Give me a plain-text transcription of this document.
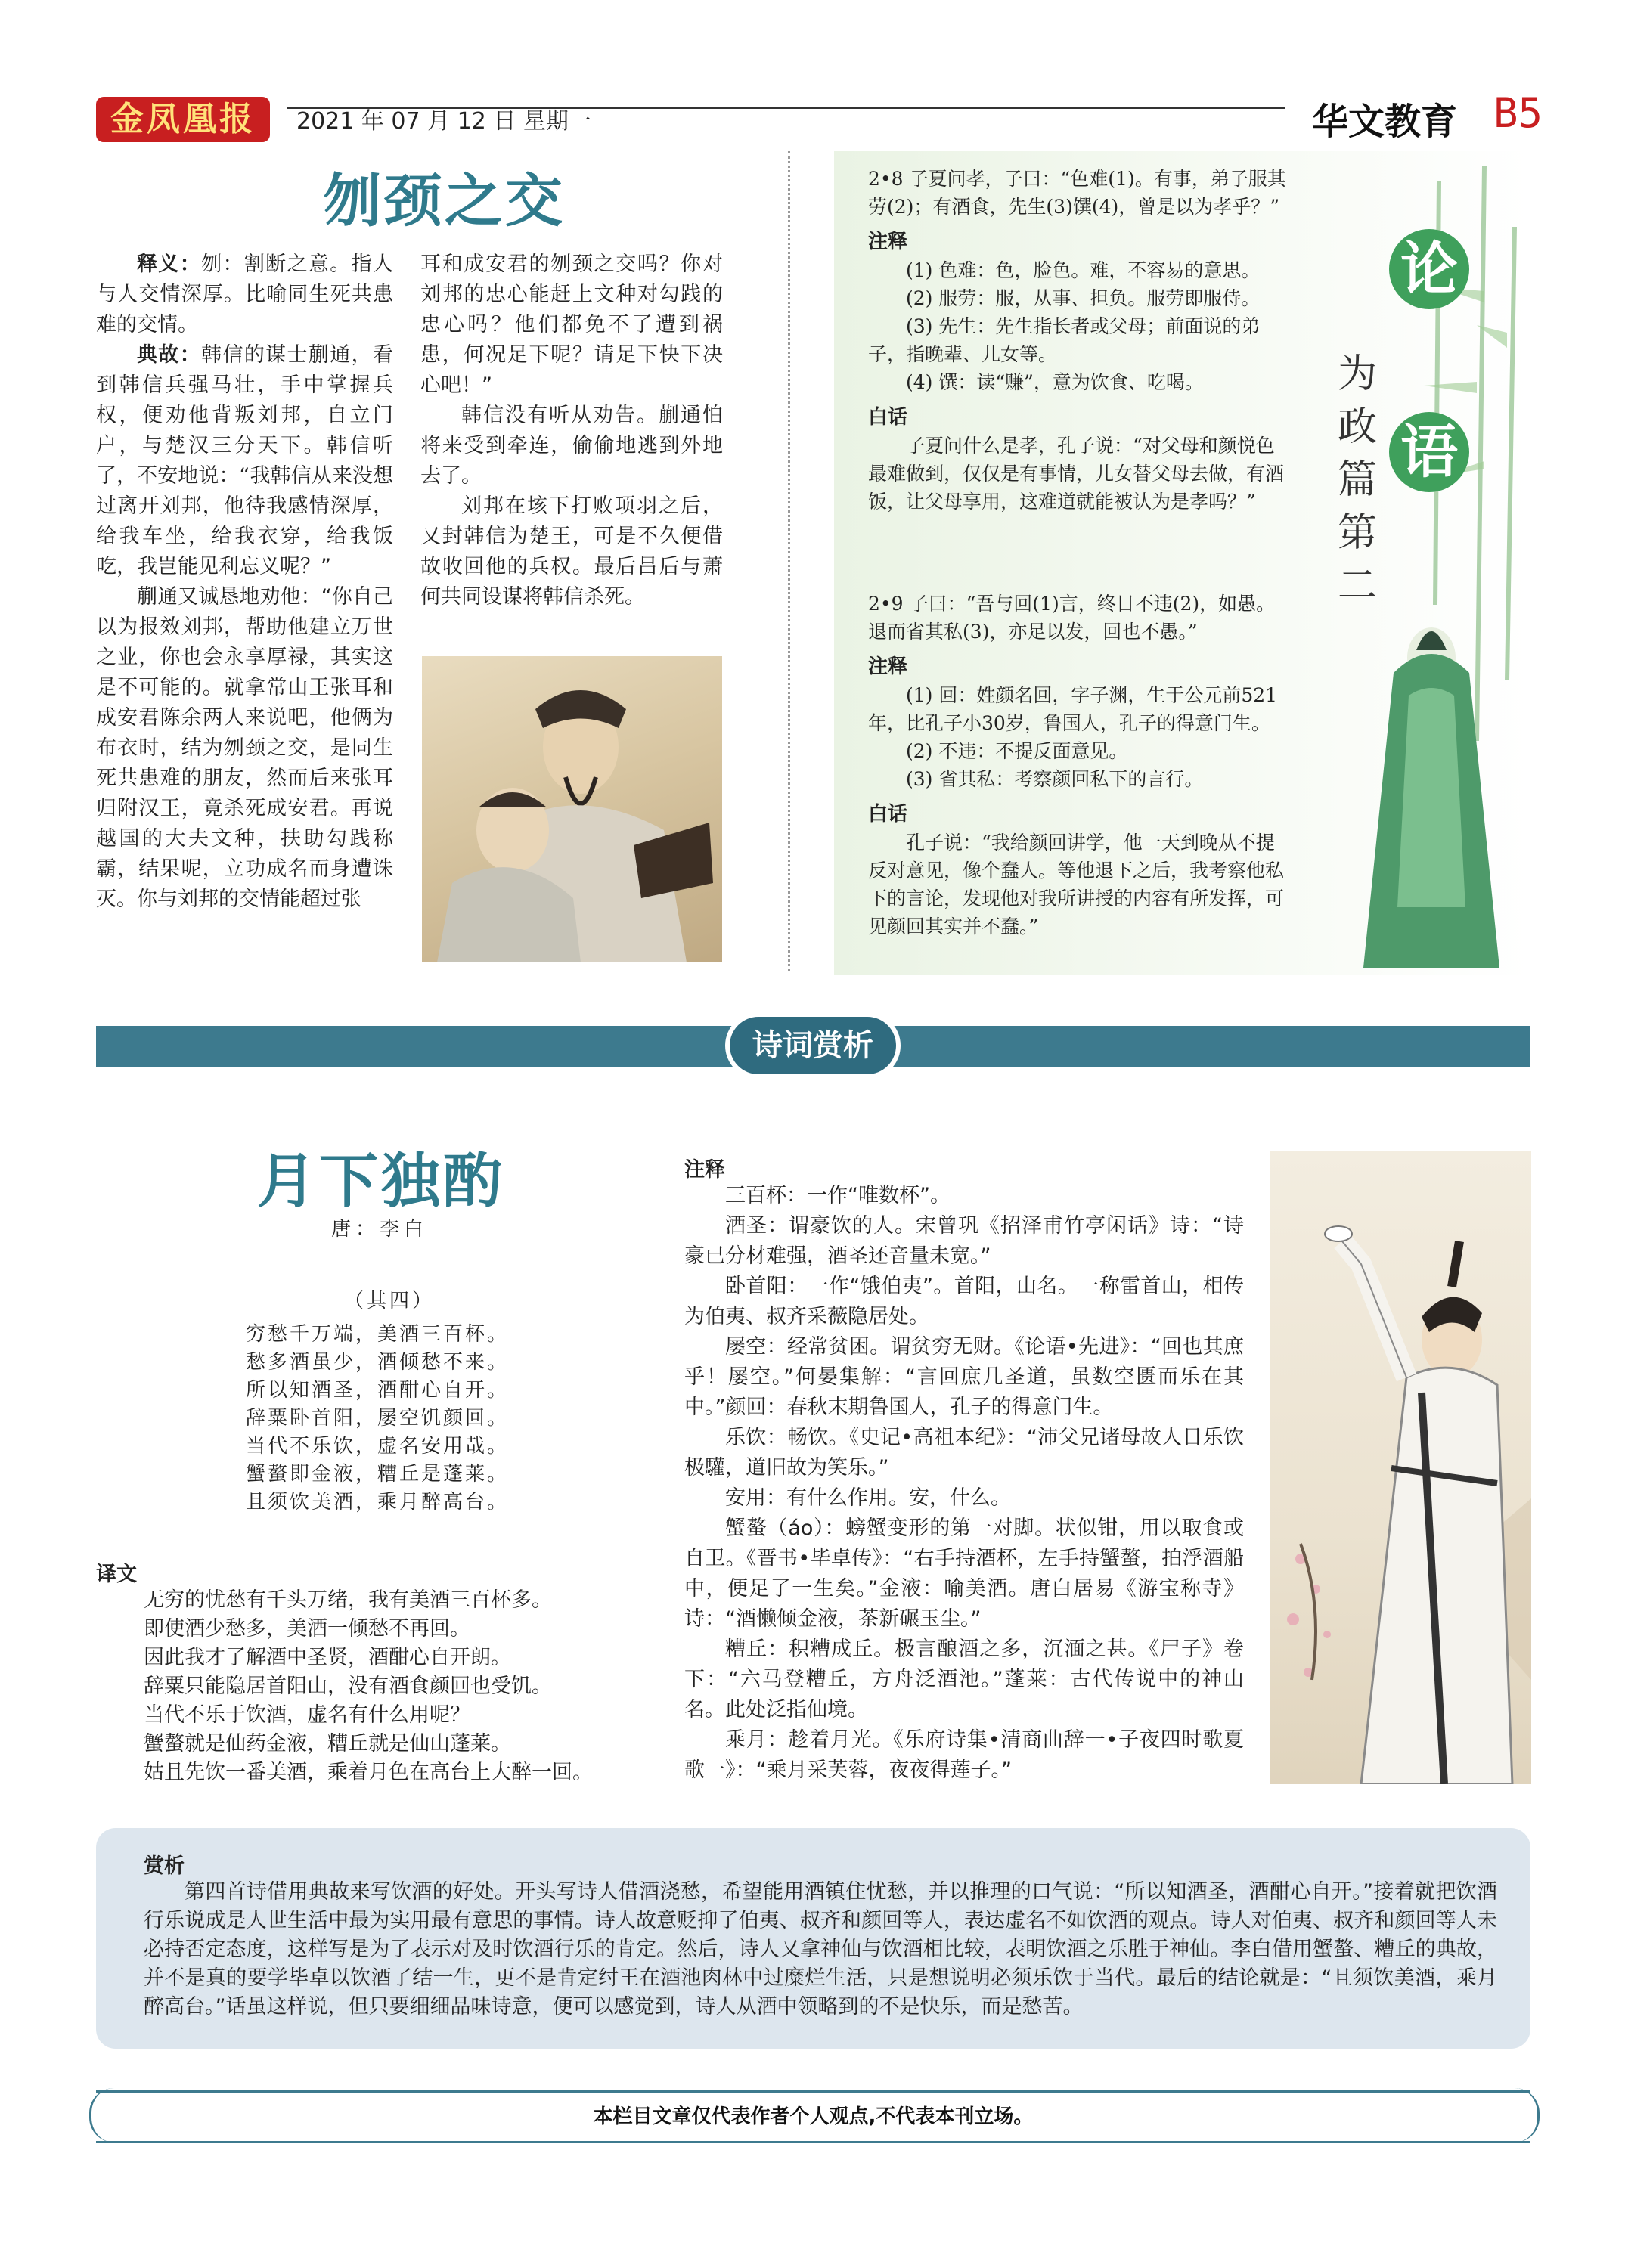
金凤凰报	2021 年 07 月 12 日 星期一	华文教育 B5
刎颈之交

释义：刎：割断之意。指人与人交情深厚。比喻同生死共患难的交情。

典故：韩信的谋士蒯通，看到韩信兵强马壮，手中掌握兵权，便劝他背叛刘邦，自立门户，与楚汉三分天下。韩信听了，不安地说：“我韩信从来没想过离开刘邦，他待我感情深厚，给我车坐，给我衣穿，给我饭吃，我岂能见利忘义呢？”

蒯通又诚恳地劝他：“你自己以为报效刘邦，帮助他建立万世之业，你也会永享厚禄，其实这是不可能的。就拿常山王张耳和成安君陈余两人来说吧，他俩为布衣时，结为刎颈之交，是同生死共患难的朋友，然而后来张耳归附汉王，竟杀死成安君。再说越国的大夫文种，扶助勾践称霸，结果呢，立功成名而身遭诛灭。你与刘邦的交情能超过张

耳和成安君的刎颈之交吗？你对刘邦的忠心能赶上文种对勾践的忠心吗？他们都免不了遭到祸患，何况足下呢？请足下快下决心吧！”

韩信没有听从劝告。蒯通怕将来受到牵连，偷偷地逃到外地去了。

刘邦在垓下打败项羽之后，又封韩信为楚王，可是不久便借故收回他的兵权。最后吕后与萧何共同设谋将韩信杀死。

论
语
为
政
篇
第
二

2•8 子夏问孝，子曰：“色难(1)。有事，弟子服其劳(2)；有酒食，先生(3)馔(4)，曾是以为孝乎？”

注释

(1) 色难：色，脸色。难，不容易的意思。

(2) 服劳：服，从事、担负。服劳即服侍。

(3) 先生：先生指长者或父母；前面说的弟子，指晚辈、儿女等。

(4) 馔：读“赚”，意为饮食、吃喝。

白话

子夏问什么是孝，孔子说：“对父母和颜悦色最难做到，仅仅是有事情，儿女替父母去做，有酒饭，让父母享用，这难道就能被认为是孝吗？”

2•9 子曰：“吾与回(1)言，终日不违(2)，如愚。退而省其私(3)，亦足以发，回也不愚。”

注释

(1) 回：姓颜名回，字子渊，生于公元前521年，比孔子小30岁，鲁国人，孔子的得意门生。

(2) 不违：不提反面意见。

(3) 省其私：考察颜回私下的言行。

白话

孔子说：“我给颜回讲学，他一天到晚从不提反对意见，像个蠢人。等他退下之后，我考察他私下的言论，发现他对我所讲授的内容有所发挥，可见颜回其实并不蠢。”

诗词赏析
月下独酌
唐：李白
（其四）

穷愁千万端，美酒三百杯。

愁多酒虽少，酒倾愁不来。

所以知酒圣，酒酣心自开。

辞粟卧首阳，屡空饥颜回。

当代不乐饮，虚名安用哉。

蟹螯即金液，糟丘是蓬莱。

且须饮美酒，乘月醉高台。

译文

无穷的忧愁有千头万绪，我有美酒三百杯多。

即使酒少愁多，美酒一倾愁不再回。

因此我才了解酒中圣贤，酒酣心自开朗。

辞粟只能隐居首阳山，没有酒食颜回也受饥。

当代不乐于饮酒，虚名有什么用呢？

蟹螯就是仙药金液，糟丘就是仙山蓬莱。

姑且先饮一番美酒，乘着月色在高台上大醉一回。

注释

三百杯：一作“唯数杯”。

酒圣：谓豪饮的人。宋曾巩《招泽甫竹亭闲话》诗：“诗豪已分材难强，酒圣还音量未宽。”

卧首阳：一作“饿伯夷”。首阳，山名。一称雷首山，相传为伯夷、叔齐采薇隐居处。

屡空：经常贫困。谓贫穷无财。《论语•先进》：“回也其庶乎！屡空。”何晏集解：“言回庶几圣道，虽数空匮而乐在其中。”颜回：春秋末期鲁国人，孔子的得意门生。

乐饮：畅饮。《史记•高祖本纪》：“沛父兄诸母故人日乐饮极驩，道旧故为笑乐。”

安用：有什么作用。安，什么。

蟹螯（áo）：螃蟹变形的第一对脚。状似钳，用以取食或自卫。《晋书•毕卓传》：“右手持酒杯，左手持蟹螯，拍浮酒船中，便足了一生矣。”金液：喻美酒。唐白居易《游宝称寺》诗：“酒懒倾金液，茶新碾玉尘。”

糟丘：积糟成丘。极言酿酒之多，沉湎之甚。《尸子》卷下：“六马登糟丘，方舟泛酒池。”蓬莱：古代传说中的神山名。此处泛指仙境。

乘月：趁着月光。《乐府诗集•清商曲辞一•子夜四时歌夏歌一》：“乘月采芙蓉，夜夜得莲子。”

赏析

第四首诗借用典故来写饮酒的好处。开头写诗人借酒浇愁，希望能用酒镇住忧愁，并以推理的口气说：“所以知酒圣，酒酣心自开。”接着就把饮酒行乐说成是人世生活中最为实用最有意思的事情。诗人故意贬抑了伯夷、叔齐和颜回等人，表达虚名不如饮酒的观点。诗人对伯夷、叔齐和颜回等人未必持否定态度，这样写是为了表示对及时饮酒行乐的肯定。然后，诗人又拿神仙与饮酒相比较，表明饮酒之乐胜于神仙。李白借用蟹螯、糟丘的典故，并不是真的要学毕卓以饮酒了结一生，更不是肯定纣王在酒池肉林中过糜烂生活，只是想说明必须乐饮于当代。最后的结论就是：“且须饮美酒，乘月醉高台。”话虽这样说，但只要细细品味诗意，便可以感觉到，诗人从酒中领略到的不是快乐，而是愁苦。

本栏目文章仅代表作者个人观点,不代表本刊立场。
